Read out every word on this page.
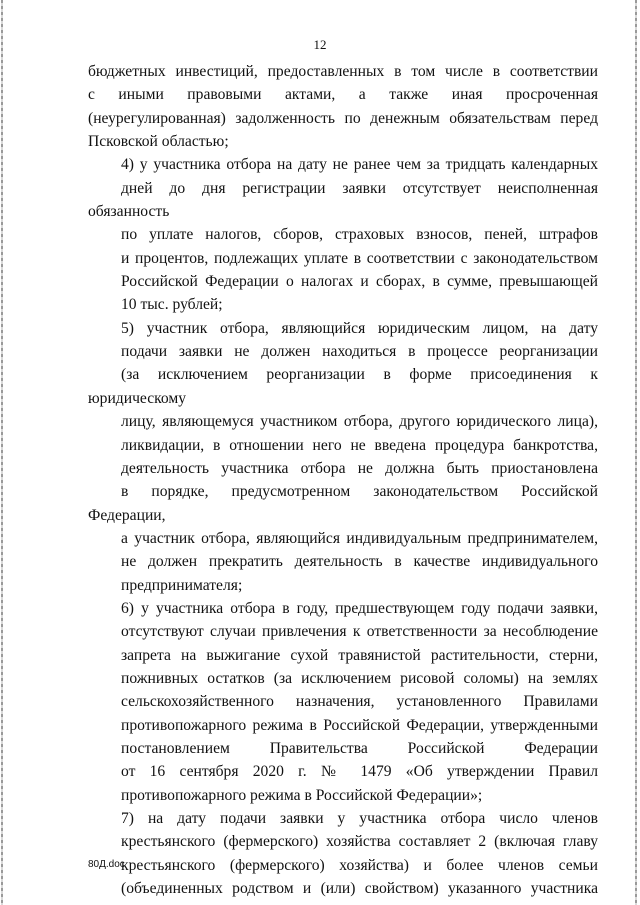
12

бюджетных инвестиций, предоставленных в том числе в соответствии
с иными правовыми актами, а также иная просроченная
(неурегулированная) задолженность по денежным обязательствам перед
Псковской областью;

4) у участника отбора на дату не ранее чем за тридцать календарных
дней до дня регистрации заявки отсутствует неисполненная обязанность
по уплате налогов, сборов, страховых взносов, пеней, штрафов
и процентов, подлежащих уплате в соответствии с законодательством
Российской Федерации о налогах и сборах, в сумме, превышающей
10 тыс. рублей;

5) участник отбора, являющийся юридическим лицом, на дату
подачи заявки не должен находиться в процессе реорганизации
(за исключением реорганизации в форме присоединения к юридическому
лицу, являющемуся участником отбора, другого юридического лица),
ликвидации, в отношении него не введена процедура банкротства,
деятельность участника отбора не должна быть приостановлена
в порядке, предусмотренном законодательством Российской Федерации,
а участник отбора, являющийся индивидуальным предпринимателем,
не должен прекратить деятельность в качестве индивидуального
предпринимателя;

6) у участника отбора в году, предшествующем году подачи заявки,
отсутствуют случаи привлечения к ответственности за несоблюдение
запрета на выжигание сухой травянистой растительности, стерни,
пожнивных остатков (за исключением рисовой соломы) на землях
сельскохозяйственного назначения, установленного Правилами
противопожарного режима в Российской Федерации, утвержденными
постановлением Правительства Российской Федерации
от 16 сентября 2020 г. № 1479 «Об утверждении Правил
противопожарного режима в Российской Федерации»;

7) на дату подачи заявки у участника отбора число членов
крестьянского (фермерского) хозяйства составляет 2 (включая главу
крестьянского (фермерского) хозяйства) и более членов семьи
(объединенных родством и (или) свойством) указанного участника

80Д.doc
